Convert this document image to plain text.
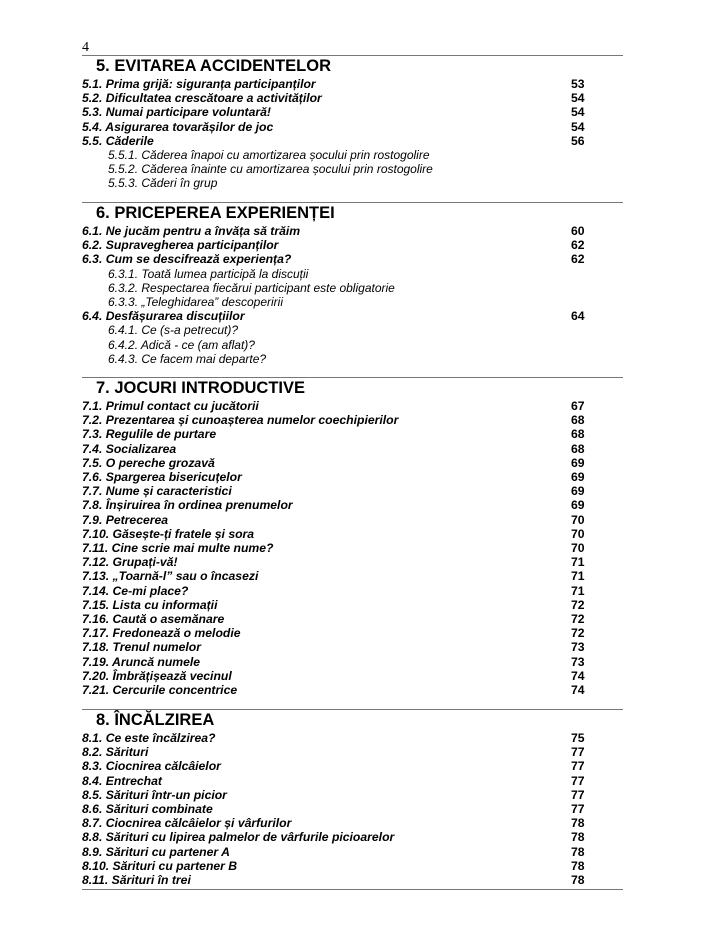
4
5. EVITAREA ACCIDENTELOR
5.1. Prima grijă: siguranța participanților	53
5.2. Dificultatea crescătoare a activităților	54
5.3. Numai participare voluntară!	54
5.4. Asigurarea tovarășilor de joc	54
5.5. Căderile	56
5.5.1. Căderea înapoi cu amortizarea șocului prin rostogolire
5.5.2. Căderea înainte cu amortizarea șocului prin rostogolire
5.5.3. Căderi în grup
6. PRICEPEREA EXPERIENȚEI
6.1. Ne jucăm pentru a învăța să trăim	60
6.2. Supravegherea participanților	62
6.3. Cum se descifrează experiența?	62
6.3.1. Toată lumea participă la discuții
6.3.2. Respectarea fiecărui participant este obligatorie
6.3.3. „Teleghidarea” descoperirii
6.4. Desfășurarea discuțiilor	64
6.4.1. Ce (s-a petrecut)?
6.4.2. Adică - ce (am aflat)?
6.4.3. Ce facem mai departe?
7. JOCURI INTRODUCTIVE
7.1. Primul contact cu jucătorii	67
7.2. Prezentarea și cunoașterea numelor coechipierilor	68
7.3. Regulile de purtare	68
7.4. Socializarea	68
7.5. O pereche grozavă	69
7.6. Spargerea bisericuțelor	69
7.7. Nume și caracteristici	69
7.8. Înșiruirea în ordinea prenumelor	69
7.9. Petrecerea	70
7.10. Găsește-ți fratele și sora	70
7.11. Cine scrie mai multe nume?	70
7.12. Grupați-vă!	71
7.13. „Toarnă-l” sau o încasezi	71
7.14. Ce-mi place?	71
7.15. Lista cu informații	72
7.16. Caută o asemănare	72
7.17. Fredonează o melodie	72
7.18. Trenul numelor	73
7.19. Aruncă numele	73
7.20. Îmbrățișează vecinul	74
7.21. Cercurile concentrice	74
8. ÎNCĂLZIREA
8.1. Ce este încălzirea?	75
8.2. Sărituri	77
8.3. Ciocnirea călcâielor	77
8.4. Entrechat	77
8.5. Sărituri într-un picior	77
8.6. Sărituri combinate	77
8.7. Ciocnirea călcâielor și vârfurilor	78
8.8. Sărituri cu lipirea palmelor de vârfurile picioarelor	78
8.9. Sărituri cu partener A	78
8.10. Sărituri cu partener B	78
8.11. Sărituri în trei	78
